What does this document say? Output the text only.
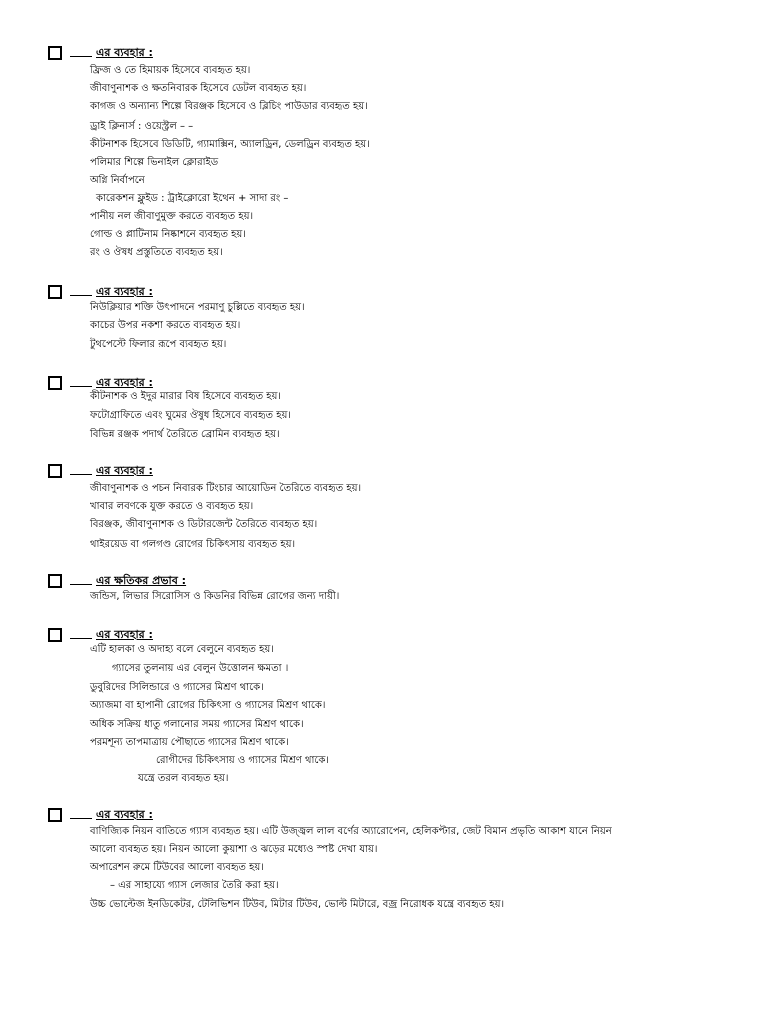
এর ব্যবহার :
ফ্রিজ ও তে হিমায়ক হিসেবে ব্যবহৃত হয়।
জীবাণুনাশক ও ক্ষতনিবারক হিসেবে ডেটল ব্যবহৃত হয়।
কাগজ ও অন্যান্য শিল্পে বিরঞ্জক হিসেবে ও ব্লিচিং পাউডার ব্যবহৃত হয়।
ড্রাই ক্লিনার্স : ওয়েস্ট্রল – –
কীটনাশক হিসেবে ডিডিটি, গ্যামাক্সিন, অ্যালড্রিন, ডেলড্রিন ব্যবহৃত হয়।
পলিমার শিল্পে ভিনাইল ক্লোরাইড
অগ্নি নির্বাপনে
কারেকশন ফ্লুইড : ট্রাইক্লোরো ইথেন + সাদা রং –
পানীয় নল জীবাণুমুক্ত করতে ব্যবহৃত হয়।
গোল্ড ও প্লাটিনাম নিষ্কাশনে ব্যবহৃত হয়।
রং ও ঔষধ প্রস্তুতিতে ব্যবহৃত হয়।
এর ব্যবহার :
নিউক্লিয়ার শক্তি উৎপাদনে পরমাণু চুল্লিতে ব্যবহৃত হয়।
কাচের উপর নকশা করতে ব্যবহৃত হয়।
টুথপেস্টে ফিলার রূপে ব্যবহৃত হয়।
এর ব্যবহার :
কীটনাশক ও ইদুর মারার বিষ হিসেবে ব্যবহৃত হয়।
ফটোগ্রাফিতে এবং ঘুমের ঔষুধ হিসেবে ব্যবহৃত হয়।
বিভিন্ন রঞ্জক পদার্থ তৈরিতে ব্রোমিন ব্যবহৃত হয়।
এর ব্যবহার :
জীবাণুনাশক ও পচন নিবারক টিংচার আয়োডিন তৈরিতে ব্যবহৃত হয়।
খাবার লবণকে যুক্ত করতে ও ব্যবহৃত হয়।
বিরঞ্জক, জীবাণুনাশক ও ডিটারজেন্ট তৈরিতে ব্যবহৃত হয়।
থাইরয়েড বা গলগণ্ড রোগের চিকিৎসায় ব্যবহৃত হয়।
এর ক্ষতিকর প্রভাব :
জন্ডিস, লিভার সিরোসিস ও কিডনির বিভিন্ন রোগের জন্য দায়ী।
এর ব্যবহার :
এটি হালকা ও অদাহ্য বলে বেলুনে ব্যবহৃত হয়।
গ্যাসের তুলনায় এর বেলুন উত্তোলন ক্ষমতা ।
ডুবুরিদের সিলিন্ডারে ও গ্যাসের মিশ্রণ থাকে।
অ্যাজমা বা হাপানী রোগের চিকিৎসা ও গ্যাসের মিশ্রণ থাকে।
অধিক সক্রিয় ধাতু গলানোর সময় গ্যাসের মিশ্রণ থাকে।
পরমশূন্য তাপমাত্রায় পৌছাতে গ্যাসের মিশ্রণ থাকে।
রোগীদের চিকিৎসায় ও গ্যাসের মিশ্রণ থাকে।
যন্ত্রে তরল ব্যবহৃত হয়।
এর ব্যবহার :
বাণিজ্যিক নিয়ন বাতিতে গ্যাস ব্যবহৃত হয়। এটি উজ্জ্বল লাল বর্ণের অ্যারোপেন, হেলিকপ্টার, জেট বিমান প্রভৃতি আকাশ যানে নিয়ন
আলো ব্যবহৃত হয়। নিয়ন আলো কুয়াশা ও ঝড়ের মধ্যেও স্পষ্ট দেখা যায়।
অপারেশন রুমে টিউবের আলো ব্যবহৃত হয়।
– এর সাহায্যে গ্যাস লেজার তৈরি করা হয়।
উচ্চ ভোল্টেজ ইনডিকেটর, টেলিভিশন টিউব, মিটার টিউব, ভোল্ট মিটারে, বজ্র নিরোধক যন্ত্রে ব্যবহৃত হয়।
